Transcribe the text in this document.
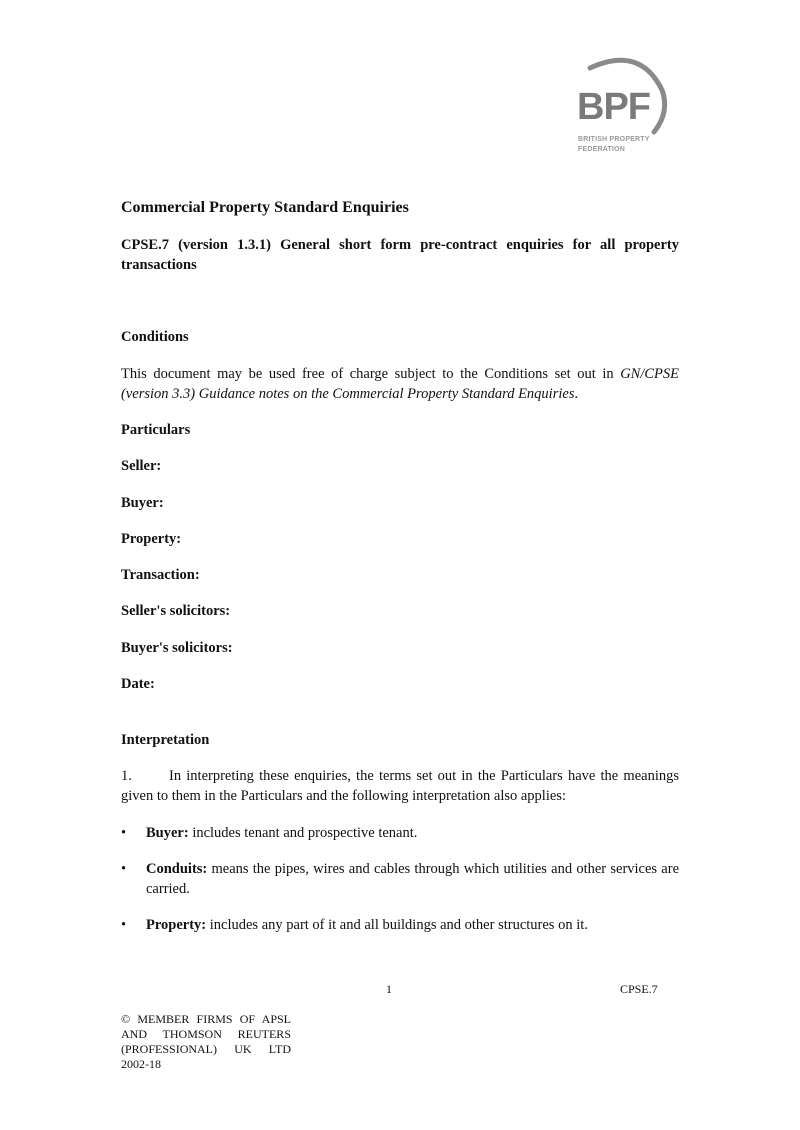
BPF
BRITISH PROPERTY
FEDERATION
Commercial Property Standard Enquiries
CPSE.7 (version 1.3.1) General short form pre-contract enquiries for all property transactions
Conditions
This document may be used free of charge subject to the Conditions set out in GN/CPSE (version 3.3) Guidance notes on the Commercial Property Standard Enquiries.
Particulars
Seller:
Buyer:
Property:
Transaction:
Seller's solicitors:
Buyer's solicitors:
Date:
Interpretation
1.	In interpreting these enquiries, the terms set out in the Particulars have the meanings given to them in the Particulars and the following interpretation also applies:
• Buyer: includes tenant and prospective tenant.
• Conduits: means the pipes, wires and cables through which utilities and other services are carried.
• Property: includes any part of it and all buildings and other structures on it.
1	CPSE.7
© MEMBER FIRMS OF APSL
AND THOMSON REUTERS
(PROFESSIONAL) UK LTD
2002-18
